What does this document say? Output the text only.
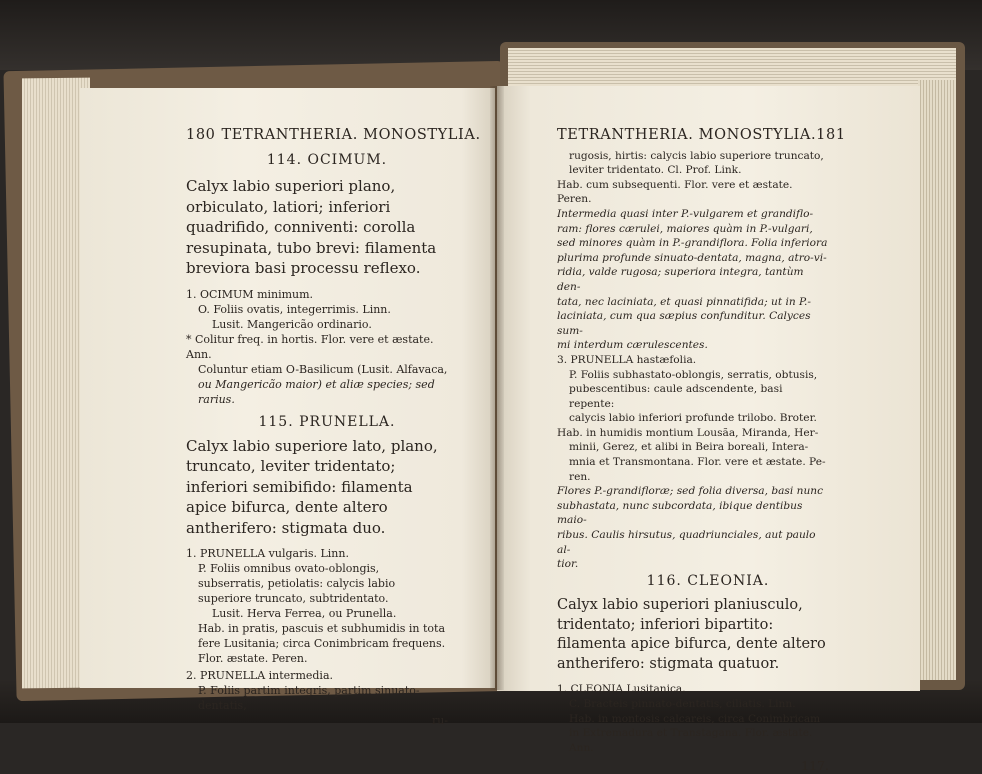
180 TETRANTHERIA. MONOSTYLIA.
114. OCIMUM.
Calyx labio superiori plano, orbiculato, latiori; inferiori quadrifido, conniventi: corolla resupinata, tubo brevi: filamenta breviora basi processu reflexo.
1. OCIMUM minimum.
O. Foliis ovatis, integerrimis. Linn.
Lusit. Mangericão ordinario.
* Colitur freq. in hortis. Flor. vere et æstate. Ann.
Coluntur etiam O-Basilicum (Lusit. Alfavaca,
ou Mangericão maior) et aliæ species; sed rarius.
115. PRUNELLA.
Calyx labio superiore lato, plano, truncato, leviter tridentato; inferiori semibifido: filamenta apice bifurca, dente altero antherifero: stigmata duo.
1. PRUNELLA vulgaris. Linn.
P. Foliis omnibus ovato-oblongis, subserratis, petiolatis: calycis labio superiore truncato, subtridentato.
Lusit. Herva Ferrea, ou Prunella.
Hab. in pratis, pascuis et subhumidis in tota fere Lusitania; circa Conimbricam frequens. Flor. æstate. Peren.
2. PRUNELLA intermedia.
P. Foliis partim integris, partim sinuato-dentatis,
ru-
TETRANTHERIA. MONOSTYLIA. 181
rugosis, hirtis: calycis labio superiore truncato,
leviter tridentato. Cl. Prof. Link.
Hab. cum subsequenti. Flor. vere et æstate. Peren.
Intermedia quasi inter P.-vulgarem et grandiflo-
ram: flores cærulei, maiores quàm in P.-vulgari,
sed minores quàm in P.-grandiflora. Folia inferiora
plurima profunde sinuato-dentata, magna, atro-vi-
ridia, valde rugosa; superiora integra, tantùm den-
tata, nec laciniata, et quasi pinnatifida; ut in P.-
laciniata, cum qua sæpius confunditur. Calyces sum-
mi interdum cærulescentes.
3. PRUNELLA hastæfolia.
P. Foliis subhastato-oblongis, serratis, obtusis,
pubescentibus: caule adscendente, basi repente:
calycis labio inferiori profunde trilobo. Broter.
Hab. in humidis montium Lousãa, Miranda, Her-
minii, Gerez, et alibi in Beira boreali, Intera-
mnia et Transmontana. Flor. vere et æstate. Pe-
ren.
Flores P.-grandifloræ; sed folia diversa, basi nunc
subhastata, nunc subcordata, ibique dentibus maio-
ribus. Caulis hirsutus, quadriunciales, aut paulo al-
tior.
116. CLEONIA.
Calyx labio superiori planiusculo, tridentato; inferiori bipartito: filamenta apice bifurca, dente altero antherifero: stigmata quatuor.
1. CLEONIA Lusitanica.
C. Bracteis pinnato-dentatis, ciliatis. Linn.
Hab. in montosis calcareis, circa Conimbricam
in Extremadura et Transtagana. Flor. æstate. Ann.
117.
